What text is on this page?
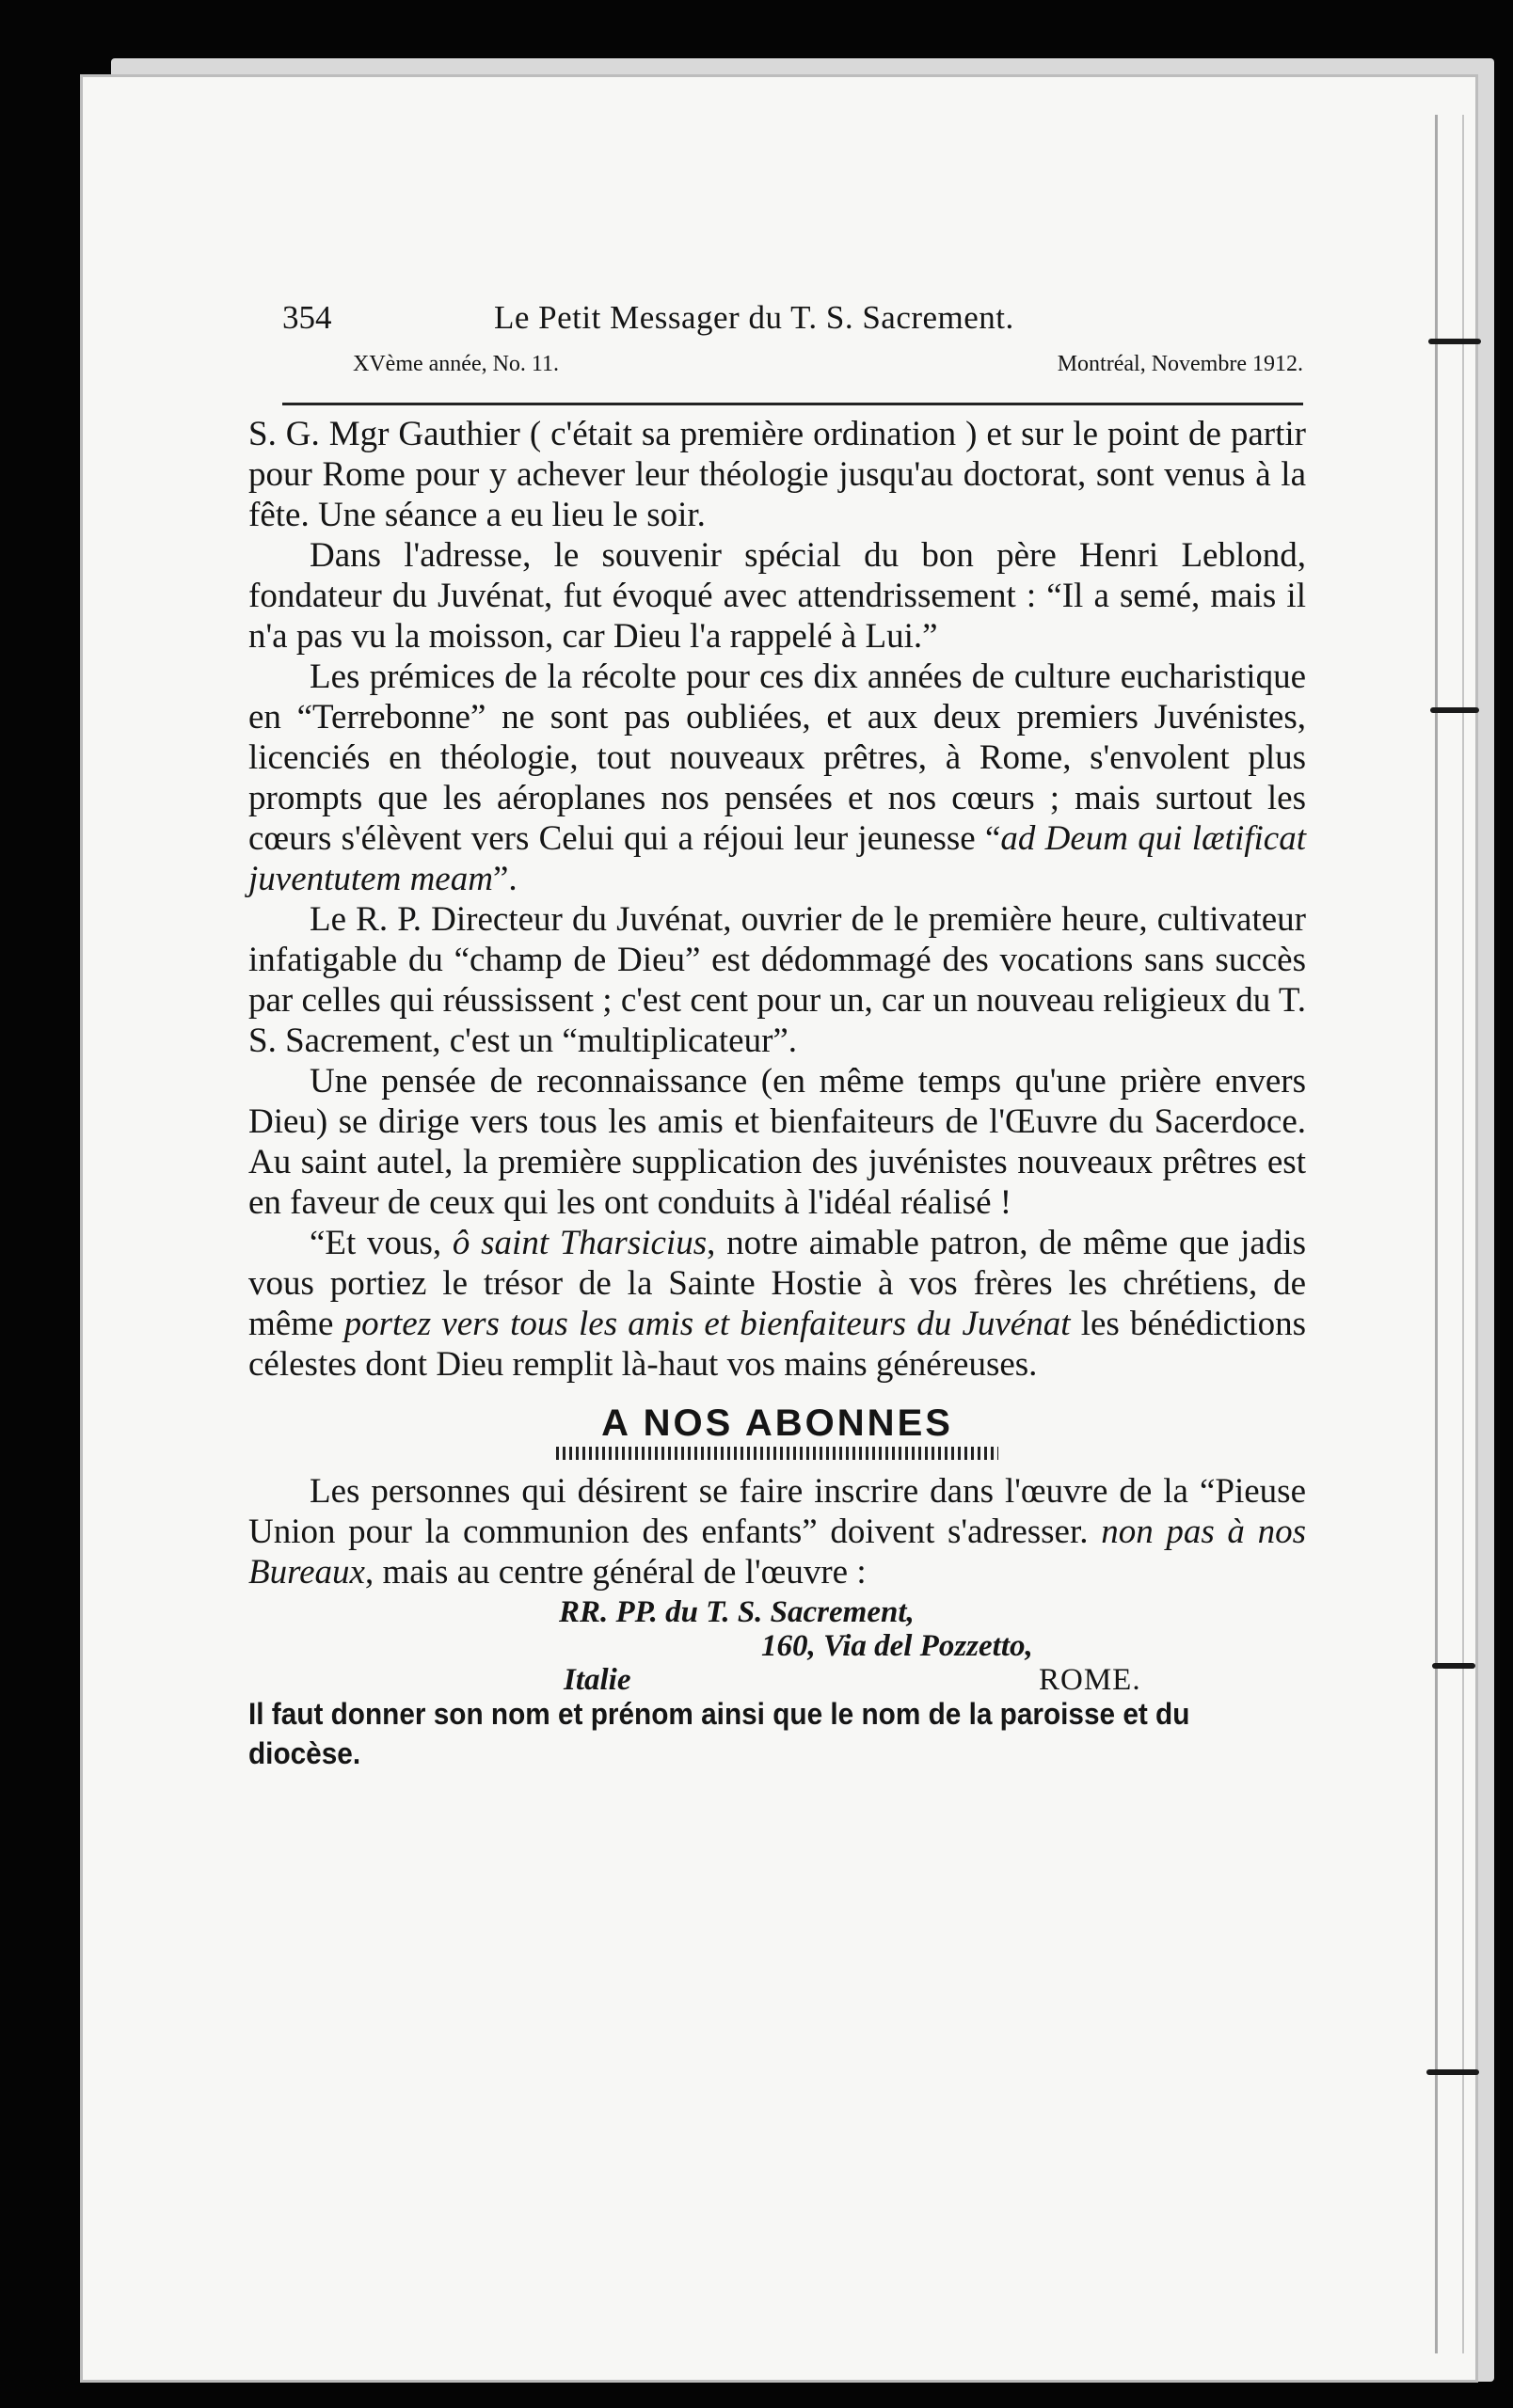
354	Le Petit Messager du T. S. Sacrement.
XVème année, No. 11.	Montréal, Novembre 1912.

S. G. Mgr Gauthier ( c'était sa première ordination ) et sur le point de partir pour Rome pour y achever leur théologie jusqu'au doctorat, sont venus à la fête. Une séance a eu lieu le soir.

Dans l'adresse, le souvenir spécial du bon père Henri Leblond, fondateur du Juvénat, fut évoqué avec attendrissement : “Il a semé, mais il n'a pas vu la moisson, car Dieu l'a rappelé à Lui.”

Les prémices de la récolte pour ces dix années de culture eucharistique en “Terrebonne” ne sont pas oubliées, et aux deux premiers Juvénistes, licenciés en théologie, tout nouveaux prêtres, à Rome, s'envolent plus prompts que les aéroplanes nos pensées et nos cœurs ; mais surtout les cœurs s'élèvent vers Celui qui a réjoui leur jeunesse “ad Deum qui lætificat juventutem meam”.

Le R. P. Directeur du Juvénat, ouvrier de le première heure, cultivateur infatigable du “champ de Dieu” est dédommagé des vocations sans succès par celles qui réussissent ; c'est cent pour un, car un nouveau religieux du T. S. Sacrement, c'est un “multiplicateur”.

Une pensée de reconnaissance (en même temps qu'une prière envers Dieu) se dirige vers tous les amis et bienfaiteurs de l'Œuvre du Sacerdoce. Au saint autel, la première supplication des juvénistes nouveaux prêtres est en faveur de ceux qui les ont conduits à l'idéal réalisé !

“Et vous, ô saint Tharsicius, notre aimable patron, de même que jadis vous portiez le trésor de la Sainte Hostie à vos frères les chrétiens, de même portez vers tous les amis et bienfaiteurs du Juvénat les bénédictions célestes dont Dieu remplit là-haut vos mains généreuses.

A NOS ABONNES

Les personnes qui désirent se faire inscrire dans l'œuvre de la “Pieuse Union pour la communion des enfants” doivent s'adresser. non pas à nos Bureaux, mais au centre général de l'œuvre :

RR. PP. du T. S. Sacrement,
160, Via del Pozzetto,
Italie	ROME.
Il faut donner son nom et prénom ainsi que le nom de la paroisse et du diocèse.
